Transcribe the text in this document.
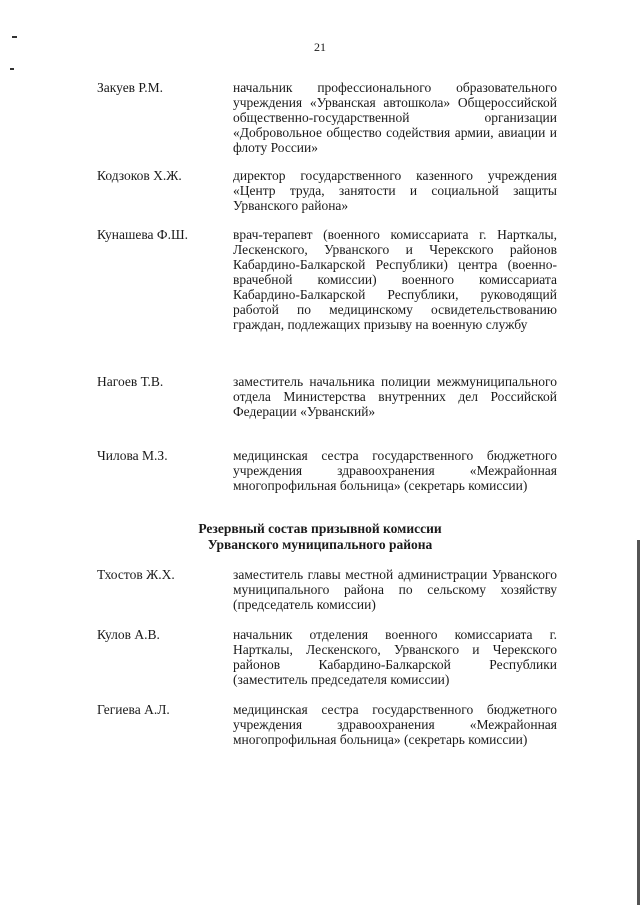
21
Закуев Р.М.	начальник профессионального образовательного учреждения «Урванская автошкола» Общероссийской общественно-государственной организации «Добровольное общество содействия армии, авиации и флоту России»
Кодзоков Х.Ж.	директор государственного казенного учреждения «Центр труда, занятости и социальной защиты Урванского района»
Кунашева Ф.Ш.	врач-терапевт (военного комиссариата г. Нарткалы, Лескенского, Урванского и Черекского районов Кабардино-Балкарской Республики) центра (военно-врачебной комиссии) военного комиссариата Кабардино-Балкарской Республики, руководящий работой по медицинскому освидетельствованию граждан, подлежащих призыву на военную службу
Нагоев Т.В.	заместитель начальника полиции межмуниципального отдела Министерства внутренних дел Российской Федерации «Урванский»
Чилова М.З.	медицинская сестра государственного бюджетного учреждения здравоохранения «Межрайонная многопрофильная больница» (секретарь комиссии)
Резервный состав призывной комиссии
Урванского муниципального района
Тхостов Ж.Х.	заместитель главы местной администрации Урванского муниципального района по сельскому хозяйству (председатель комиссии)
Кулов А.В.	начальник отделения военного комиссариата г. Нарткалы, Лескенского, Урванского и Черекского районов Кабардино-Балкарской Республики (заместитель председателя комиссии)
Гегиева А.Л.	медицинская сестра государственного бюджетного учреждения здравоохранения «Межрайонная многопрофильная больница» (секретарь комиссии)
